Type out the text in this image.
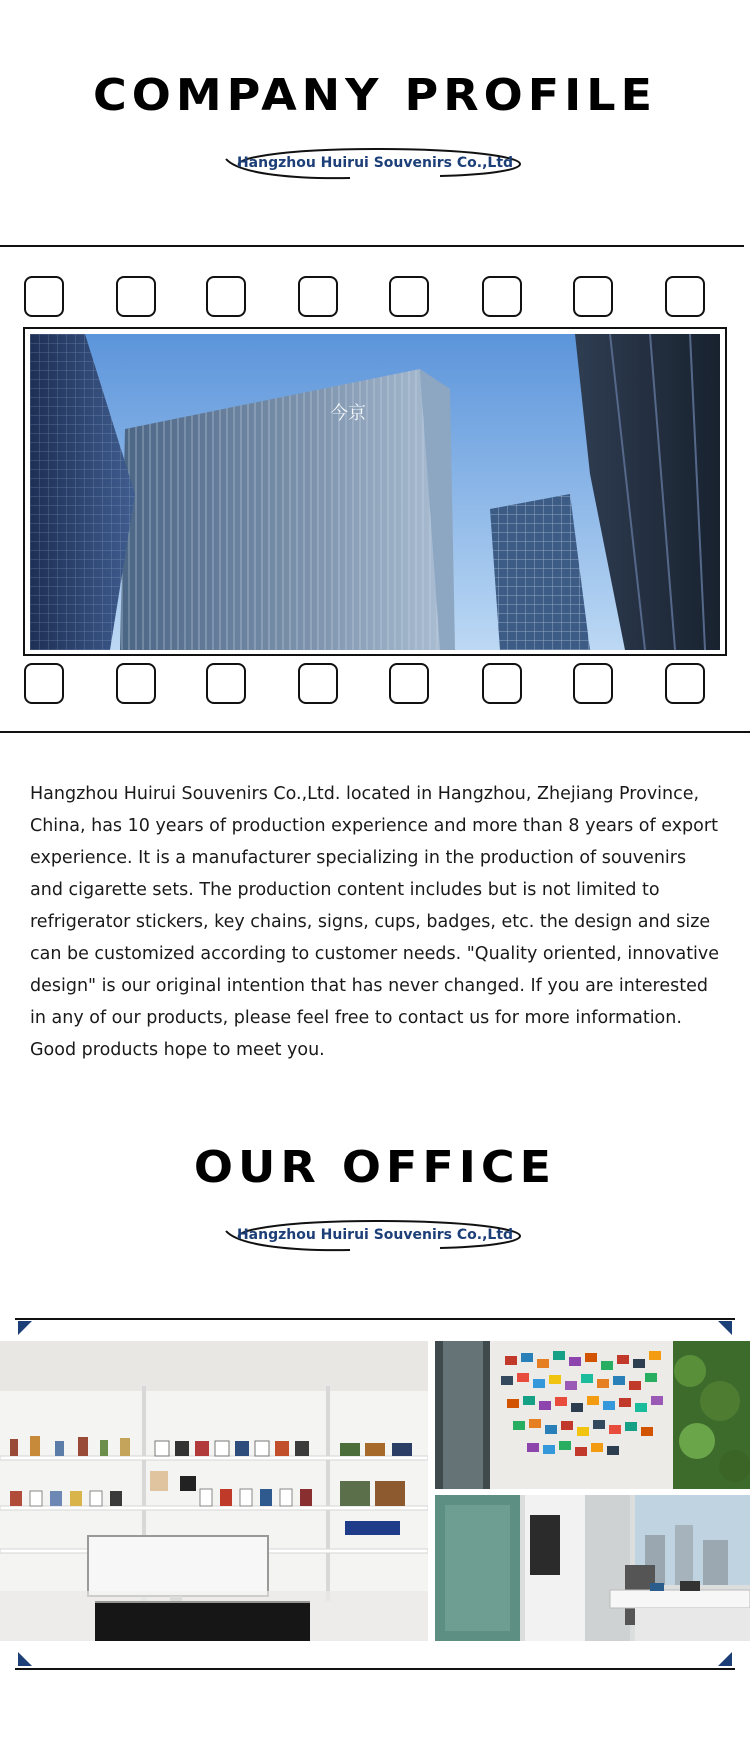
COMPANY PROFILE
Hangzhou Huirui Souvenirs Co.,Ltd
今京

Hangzhou Huirui Souvenirs Co.,Ltd. located in Hangzhou, Zhejiang Province, China, has 10 years of production experience and more than 8 years of export experience. It is a manufacturer specializing in the production of souvenirs and cigarette sets. The production content includes but is not limited to refrigerator stickers, key chains, signs, cups, badges, etc. the design and size can be customized according to customer needs. "Quality oriented, innovative design" is our original intention that has never changed. If you are interested in any of our products, please feel free to contact us for more information. Good products hope to meet you.

OUR OFFICE
Hangzhou Huirui Souvenirs Co.,Ltd
